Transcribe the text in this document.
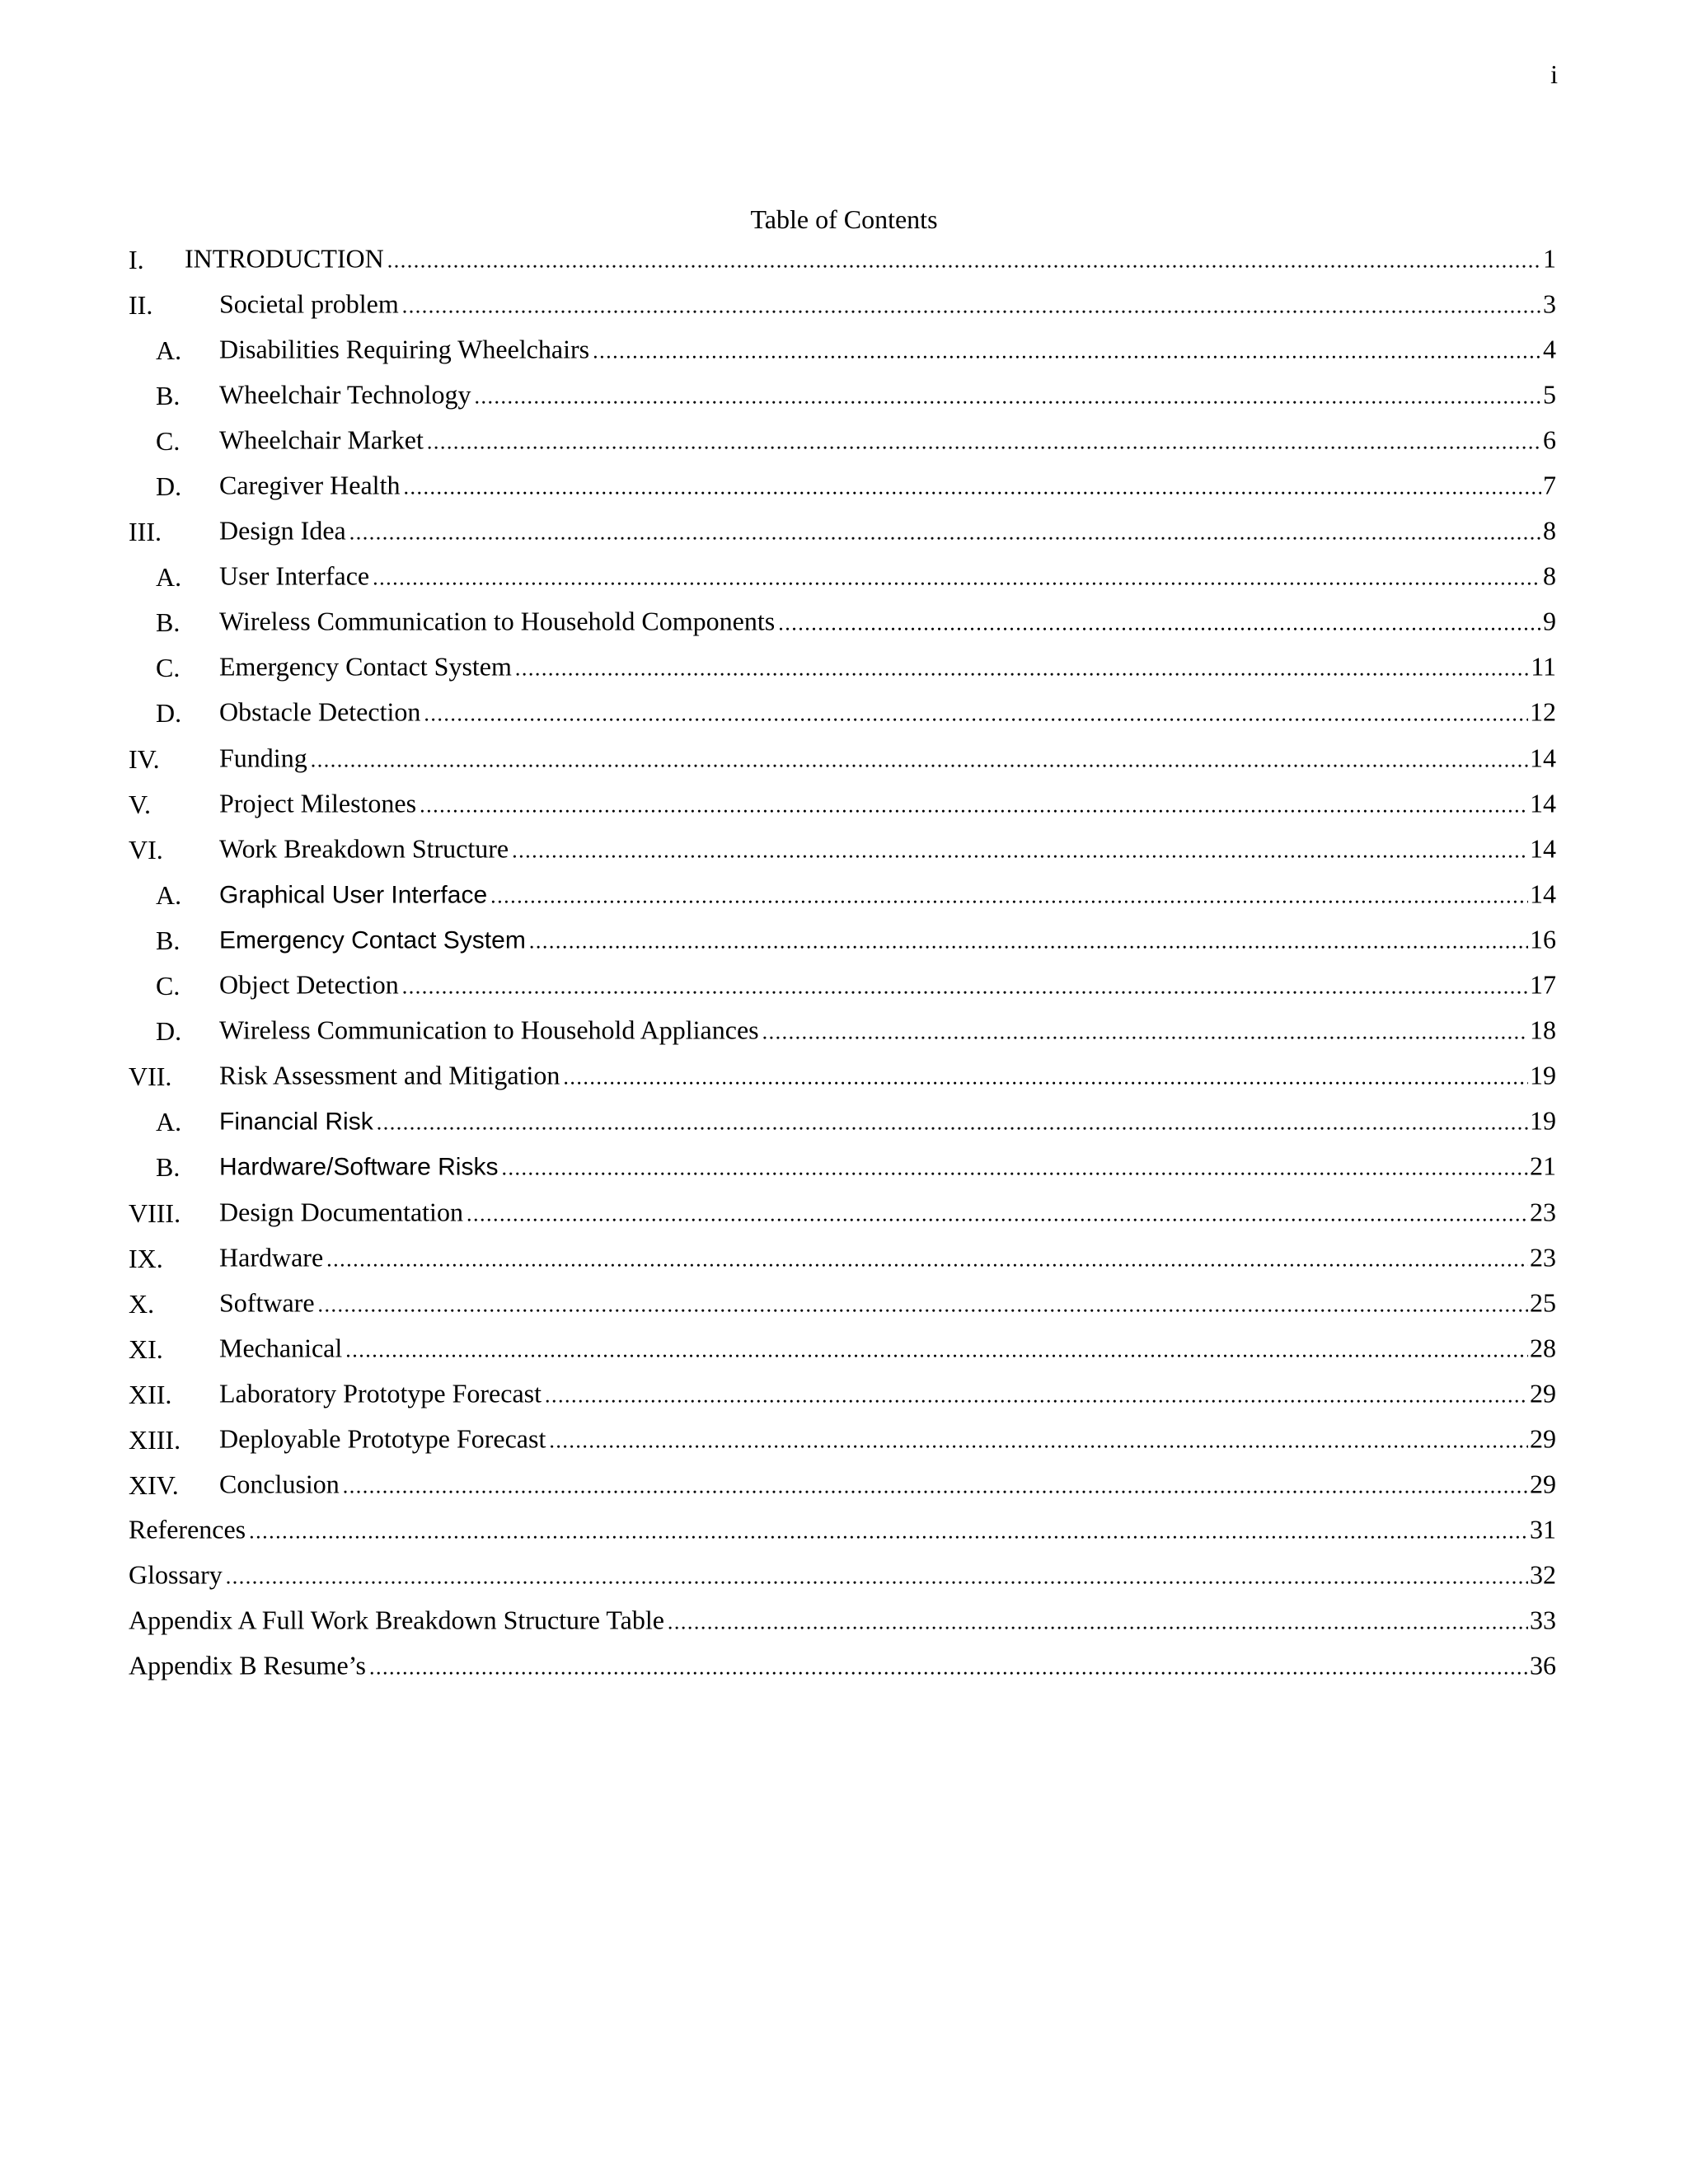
i
Table of Contents
I. INTRODUCTION .....	1
II.	Societal problem .....	3
A. Disabilities Requiring Wheelchairs .....	4
B. Wheelchair Technology .....	5
C. Wheelchair Market .....	6
D. Caregiver Health .....	7
III. Design Idea .....	8
A. User Interface .....	8
B. Wireless Communication to Household Components .....	9
C. Emergency Contact System .....	11
D. Obstacle Detection .....	12
IV. Funding .....	14
V.	Project Milestones .....	14
VI. Work Breakdown Structure .....	14
A. Graphical User Interface .....	14
B. Emergency Contact System .....	16
C. Object Detection .....	17
D. Wireless Communication to Household Appliances .....	18
VII. Risk Assessment and Mitigation .....	19
A. Financial Risk .....	19
B. Hardware/Software Risks .....	21
VIII. Design Documentation .....	23
IX. Hardware .....	23
X. Software .....	25
XI. Mechanical .....	28
XII. Laboratory Prototype Forecast .....	29
XIII. Deployable Prototype Forecast .....	29
XIV. Conclusion .....	29
References .....	31
Glossary .....	32
Appendix A Full Work Breakdown Structure Table .....	33
Appendix B Resume’s .....	36
